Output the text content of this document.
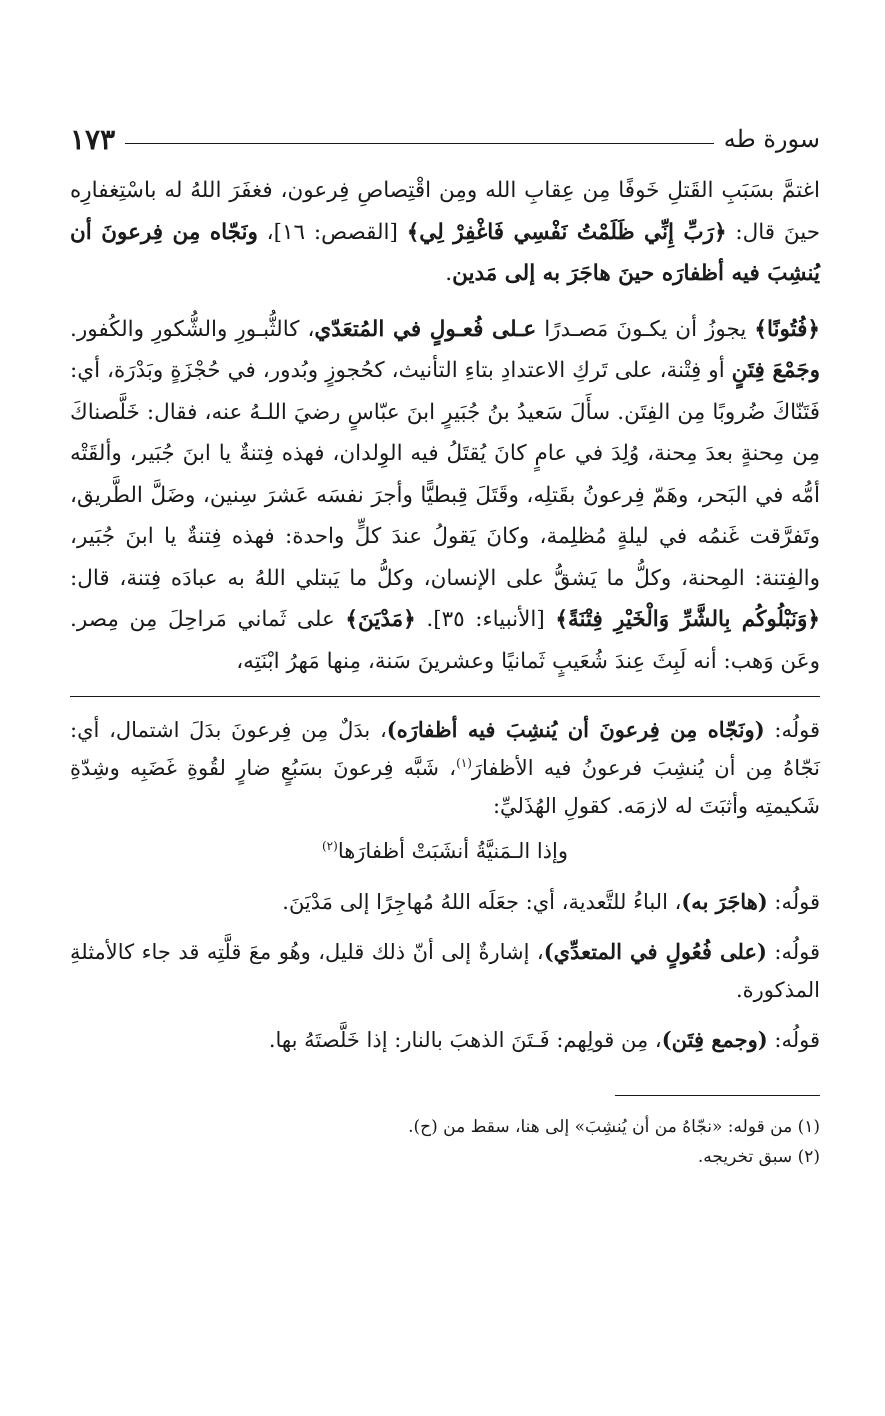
سورة طه
١٧٣

اغتمَّ بسَبَبِ القَتلِ خَوفًا مِن عِقابِ الله ومِن اقْتِصاصِ فِرعون، فغفَرَ اللهُ له باسْتِغفارِه حينَ قال: ﴿رَبِّ إِنِّي ظَلَمْتُ نَفْسِي فَاغْفِرْ لِي﴾ [القصص: ١٦]، ونَجّاه مِن فِرعونَ أن يُنشِبَ فيه أظفارَه حينَ هاجَرَ به إلى مَدين.

﴿فُتُونًا﴾ يجوزُ أن يكـونَ مَصـدرًا عـلى فُعـولٍ في المُتعَدّي، كالثُّبـورِ والشُّكورِ والكُفور. وجَمْعَ فِتَنٍ أو فِتْنة، على تَركِ الاعتدادِ بتاءِ التأنيث، كحُجوزٍ وبُدور، في حُجْزَةٍ وبَدْرَة، أي: فَتَنّاكَ ضُروبًا مِن الفِتَن. سأَلَ سَعيدُ بنُ جُبَيرٍ ابنَ عبّاسٍ رضيَ اللـهُ عنه، فقال: خَلَّصناكَ مِن مِحنةٍ بعدَ مِحنة، وُلِدَ في عامٍ كانَ يُقتَلُ فيه الوِلدان، فهذه فِتنةٌ يا ابنَ جُبَير، وألقَتْه أمُّه في البَحر، وهَمّ فِرعونُ بقَتلِه، وقَتَلَ قِبطيًّا وأجرَ نفسَه عَشرَ سِنين، وضَلَّ الطَّريق، وتَفرَّقت غَنمُه في ليلةٍ مُظلِمة، وكانَ يَقولُ عندَ كلٍّ واحدة: فهذه فِتنةٌ يا ابنَ جُبَير، والفِتنة: المِحنة، وكلُّ ما يَشقُّ على الإنسان، وكلُّ ما يَبتلي اللهُ به عبادَه فِتنة، قال: ﴿وَنَبْلُوكُم بِالشَّرِّ وَالْخَيْرِ فِتْنَةً﴾ [الأنبياء: ٣٥]. ﴿مَدْيَنَ﴾ على ثَماني مَراحِلَ مِن مِصر. وعَن وَهب: أنه لَبِثَ عِندَ شُعَيبٍ ثَمانيًا وعشرينَ سَنة، مِنها مَهرُ ابْنَتِه،

قولُه: (ونَجّاه مِن فِرعونَ أن يُنشِبَ فيه أظفارَه)، بدَلٌ مِن فِرعونَ بدَلَ اشتمال، أي: نَجّاهُ مِن أن يُنشِبَ فرعونُ فيه الأظفارَ$^{(١)}$، شَبَّه فِرعونَ بسَبُعٍ ضارٍ لقُوةِ غَضَبِه وشِدّةِ شَكيمتِه وأثبَتَ له لازمَه. كقولِ الهُذَليِّ:

وإذا الـمَنيَّةُ أنشَبَتْ أظفارَها$^{(٢)}$

قولُه: (هاجَرَ به)، الباءُ للتَّعدية، أي: جعَلَه اللهُ مُهاجِرًا إلى مَدْيَنَ.

قولُه: (على فُعُولٍ في المتعدِّي)، إشارةٌ إلى أنّ ذلك قليل، وهُو معَ قلَّتِه قد جاء كالأمثلةِ المذكورة.

قولُه: (وجمع فِتَن)، مِن قولِهم: فَـتَنَ الذهبَ بالنار: إذا خَلَّصتَهُ بها.

(١) من قوله: «نجّاهُ من أن يُنشِبَ» إلى هنا، سقط من (ح).

(٢) سبق تخريجه.
